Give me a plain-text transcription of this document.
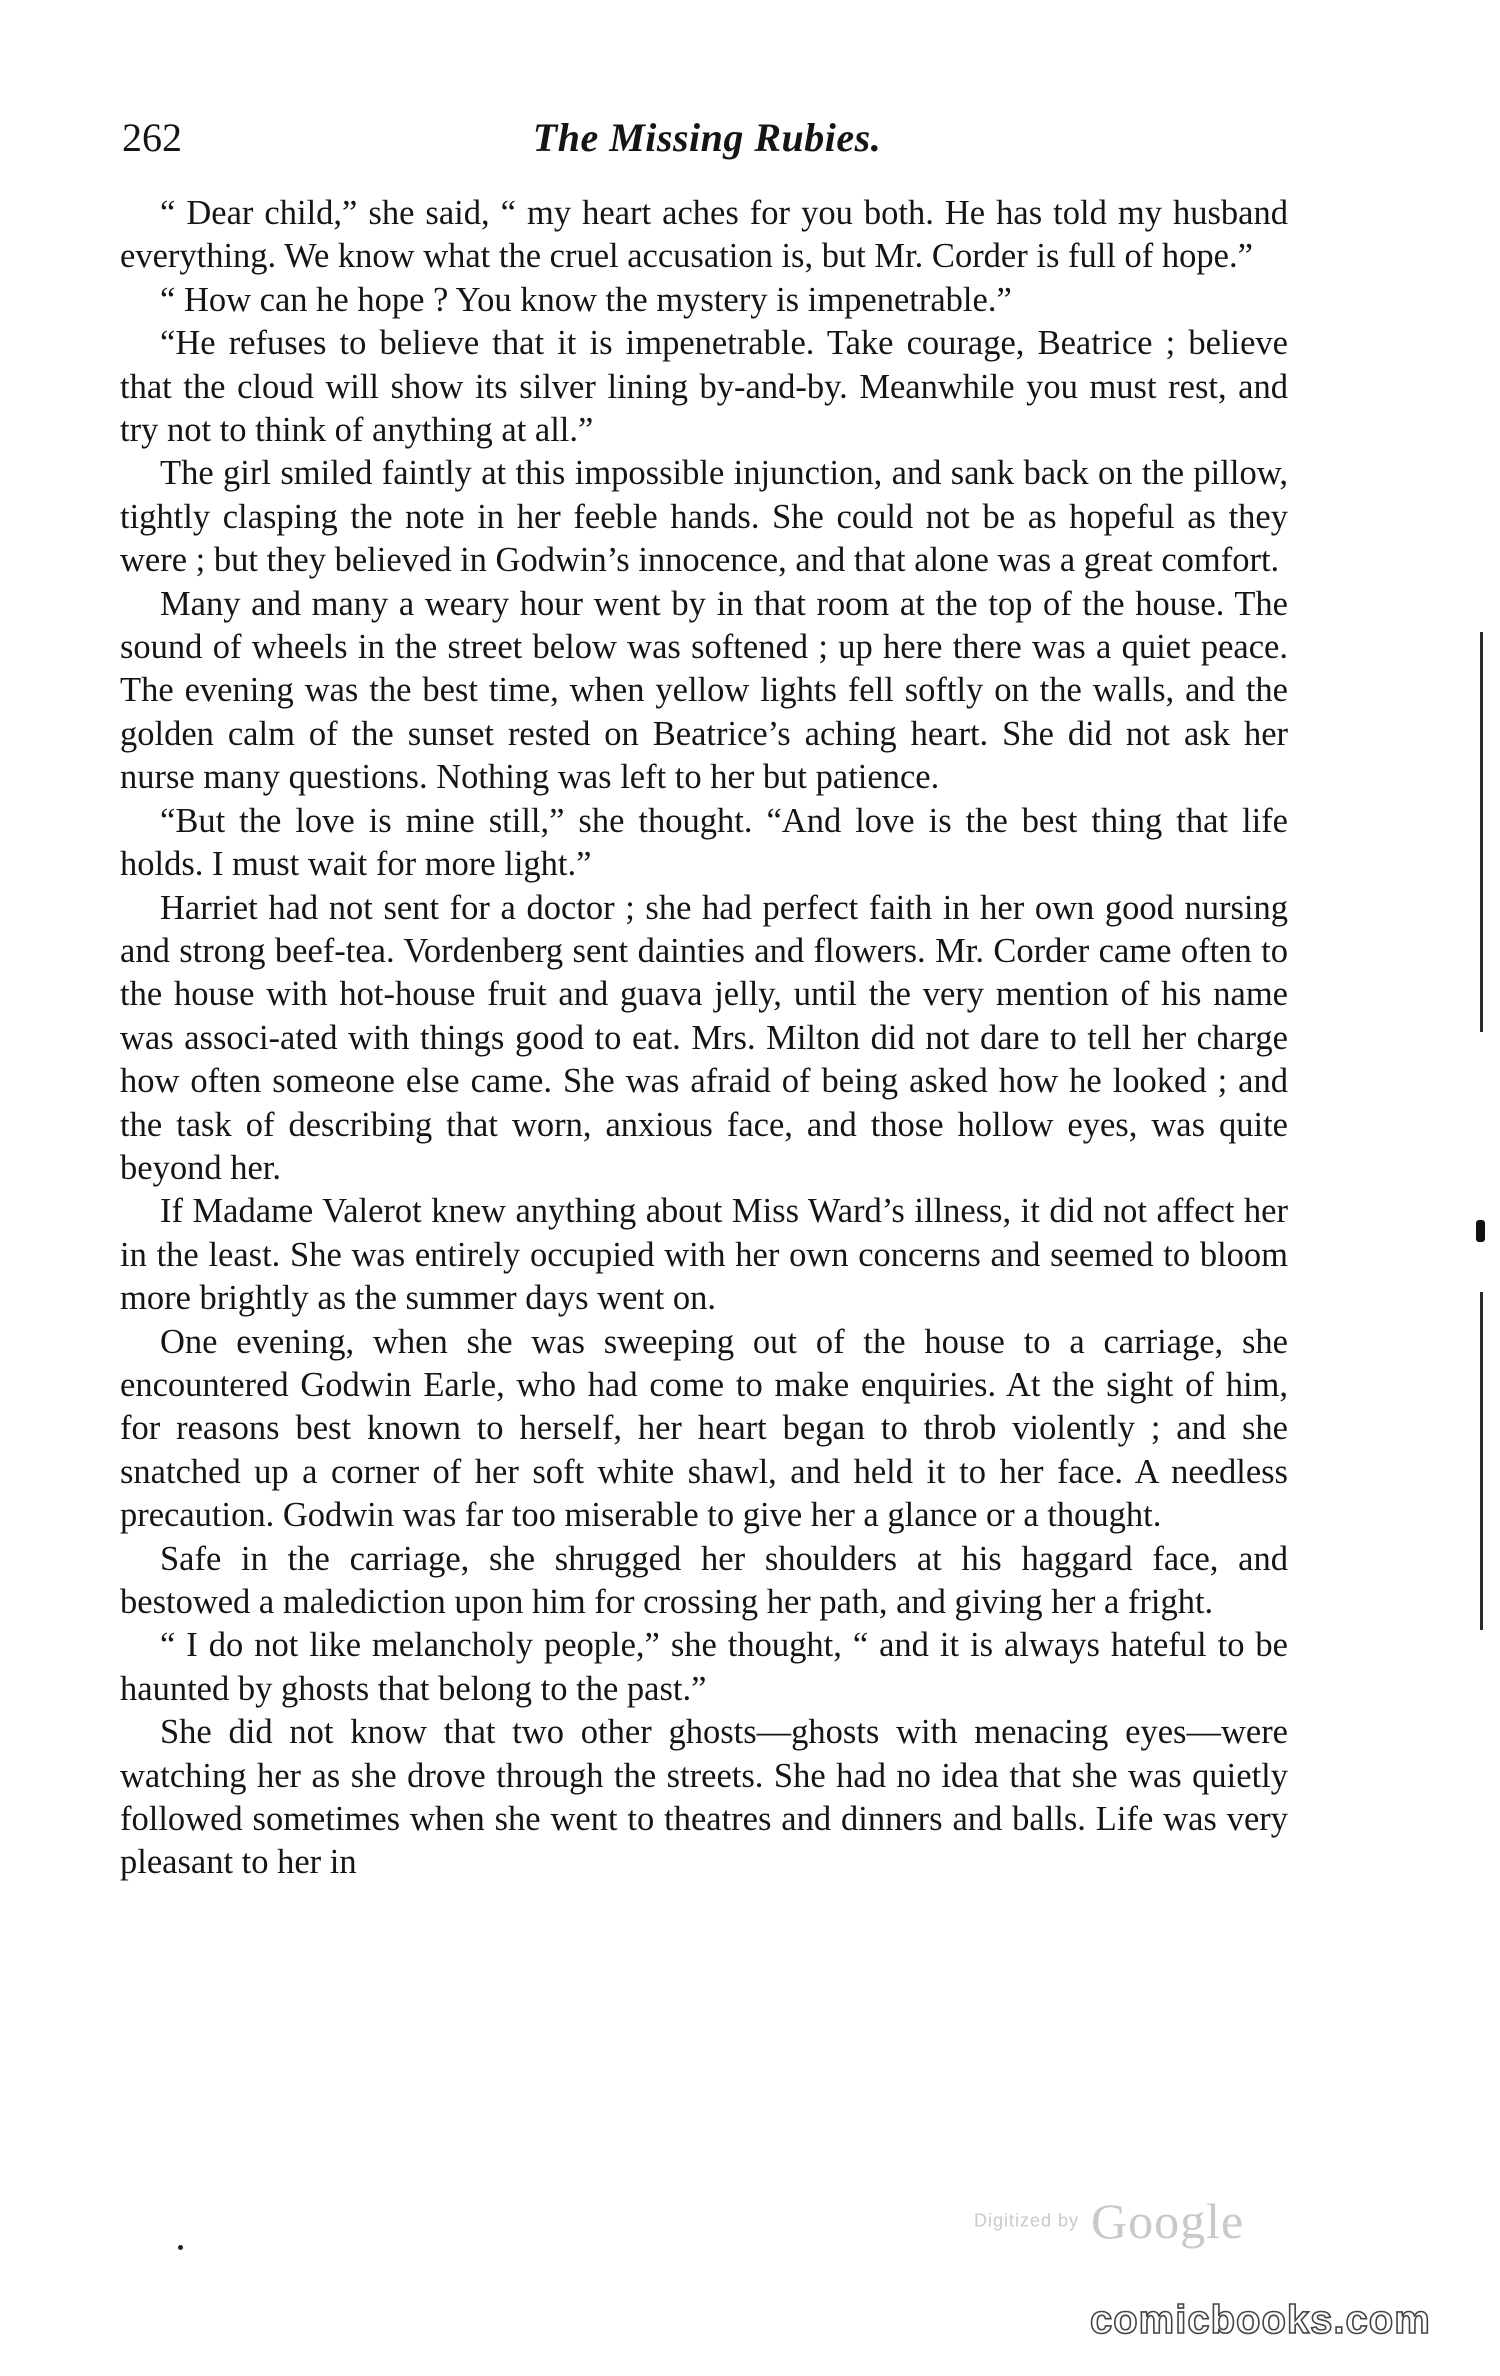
262	The Missing Rubies.

“ Dear child,” she said, “ my heart aches for you both. He has told my husband everything. We know what the cruel accusation is, but Mr. Corder is full of hope.”

“ How can he hope ? You know the mystery is impenetrable.”

“He refuses to believe that it is impenetrable. Take courage, Beatrice ; believe that the cloud will show its silver lining by-and-by. Meanwhile you must rest, and try not to think of anything at all.”

The girl smiled faintly at this impossible injunction, and sank back on the pillow, tightly clasping the note in her feeble hands. She could not be as hopeful as they were ; but they believed in Godwin’s innocence, and that alone was a great comfort.

Many and many a weary hour went by in that room at the top of the house. The sound of wheels in the street below was softened ; up here there was a quiet peace. The evening was the best time, when yellow lights fell softly on the walls, and the golden calm of the sunset rested on Beatrice’s aching heart. She did not ask her nurse many questions. Nothing was left to her but patience.

“But the love is mine still,” she thought. “And love is the best thing that life holds. I must wait for more light.”

Harriet had not sent for a doctor ; she had perfect faith in her own good nursing and strong beef-tea. Vordenberg sent dainties and flowers. Mr. Corder came often to the house with hot-house fruit and guava jelly, until the very mention of his name was associ-ated with things good to eat. Mrs. Milton did not dare to tell her charge how often someone else came. She was afraid of being asked how he looked ; and the task of describing that worn, anxious face, and those hollow eyes, was quite beyond her.

If Madame Valerot knew anything about Miss Ward’s illness, it did not affect her in the least. She was entirely occupied with her own concerns and seemed to bloom more brightly as the summer days went on.

One evening, when she was sweeping out of the house to a carriage, she encountered Godwin Earle, who had come to make enquiries. At the sight of him, for reasons best known to herself, her heart began to throb violently ; and she snatched up a corner of her soft white shawl, and held it to her face. A needless precaution. Godwin was far too miserable to give her a glance or a thought.

Safe in the carriage, she shrugged her shoulders at his haggard face, and bestowed a malediction upon him for crossing her path, and giving her a fright.

“ I do not like melancholy people,” she thought, “ and it is always hateful to be haunted by ghosts that belong to the past.”

She did not know that two other ghosts—ghosts with menacing eyes—were watching her as she drove through the streets. She had no idea that she was quietly followed sometimes when she went to theatres and dinners and balls. Life was very pleasant to her in

Digitized by Google
comicbooks.com
